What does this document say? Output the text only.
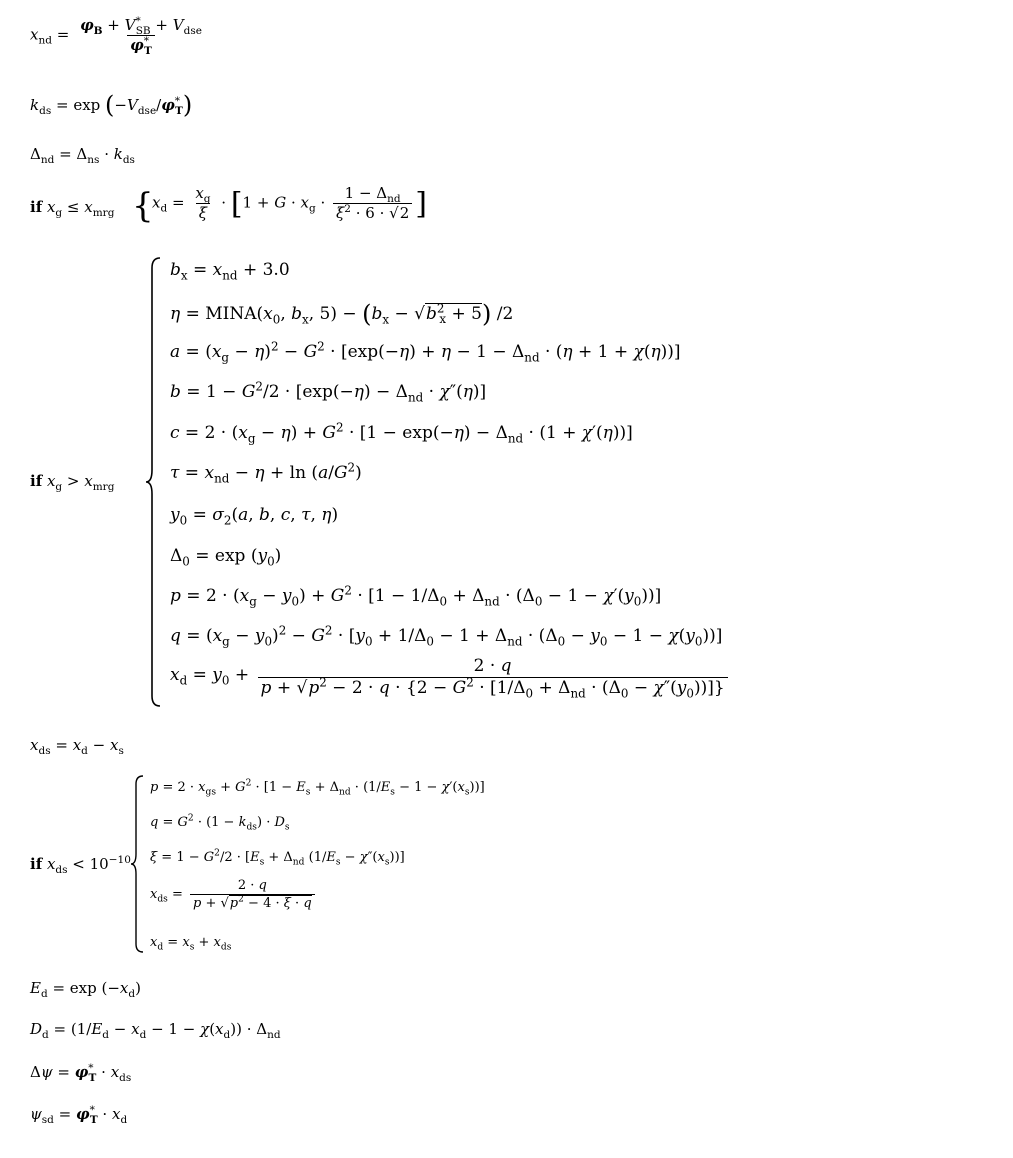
$x_{nd} = \frac{\varphi_B + V^*_{SB} + V_{dse}}{\varphi^*_T}$
$k_{ds} = \exp (-V_{dse}/\varphi^*_T)$
$\Delta_{nd} = \Delta_{ns} \cdot k_{ds}$
if $x_g \le x_{mrg}$ {
$x_d = \frac{x_g}{\xi} \cdot [1 + G \cdot x_g \cdot \frac{1 - \Delta_{nd}}{\xi^2 \cdot 6 \cdot √2}$ ]
if $x_g > x_{mrg}$
$b_x = x_{nd} + 3.0$
$\eta = MINA(x_0$, $b_x$, $5) - (b_x - √b^2_x + 5)$ /2
$a = (x_g - \eta)^2 - G^2 \cdot [\exp(-\eta) + \eta - 1 - \Delta_{nd} \cdot (\eta + 1 + \chi(\eta))]$
$b = 1 - G^2/2 \cdot [\exp(-\eta) - \Delta_{nd} \cdot \chi''(\eta)]$
$c = 2 \cdot (x_g - \eta) + G^2 \cdot [1 - \exp(-\eta) - \Delta_{nd} \cdot (1 + \chi'(\eta))]$
$\tau = x_{nd} - \eta + \ln (a/G^2)$
$y_0 = \sigma_2(a$, b, c, τ, η)
$\Delta_0 = \exp (y_0)$
$p = 2 \cdot (x_g - y_0) + G^2 \cdot [1 - 1/\Delta_0 + \Delta_{nd} \cdot (\Delta_0 - 1 - \chi'(y_0))]$
$q = (x_g - y_0)^2 - G^2 \cdot [y_0 + 1/\Delta_0 - 1 + \Delta_{nd} \cdot (\Delta_0 - y_0 - 1 - \chi(y_0))]$
$x_d = y_0 + \frac{2 \cdot q}{p + √p^2 - 2 \cdot q \cdot \{2 - G^2 \cdot [1/\Delta_0 + \Delta_{nd} \cdot (\Delta_0 - \chi''(y_0))]\}}$
$x_{ds} = x_d - x_s$
if $x_{ds} < 10^{-10}$
$p = 2 \cdot x_{gs} + G^2 \cdot [1 - E_s + \Delta_{nd} \cdot (1/E_s - 1 - \chi'(x_s))]$
$q = G^2 \cdot (1 - k_{ds}) \cdot D_s$
$\xi = 1 - G^2/2 \cdot [E_s + \Delta_{nd}$ $(1/E_s - \chi''(x_s))$]
$x_{ds} = \frac{2 \cdot q}{p + √p^2 - 4 \cdot \xi \cdot q}$
$x_d = x_s + x_{ds}$
$E_d = \exp (-x_d)$
$D_d = (1/E_d - x_d - 1 - \chi(x_d)) \cdot \Delta_{nd}$
$\Delta\psi = \varphi^*_T \cdot x_{ds}$
$\psi_{sd} = \varphi^*_T \cdot x_d$
